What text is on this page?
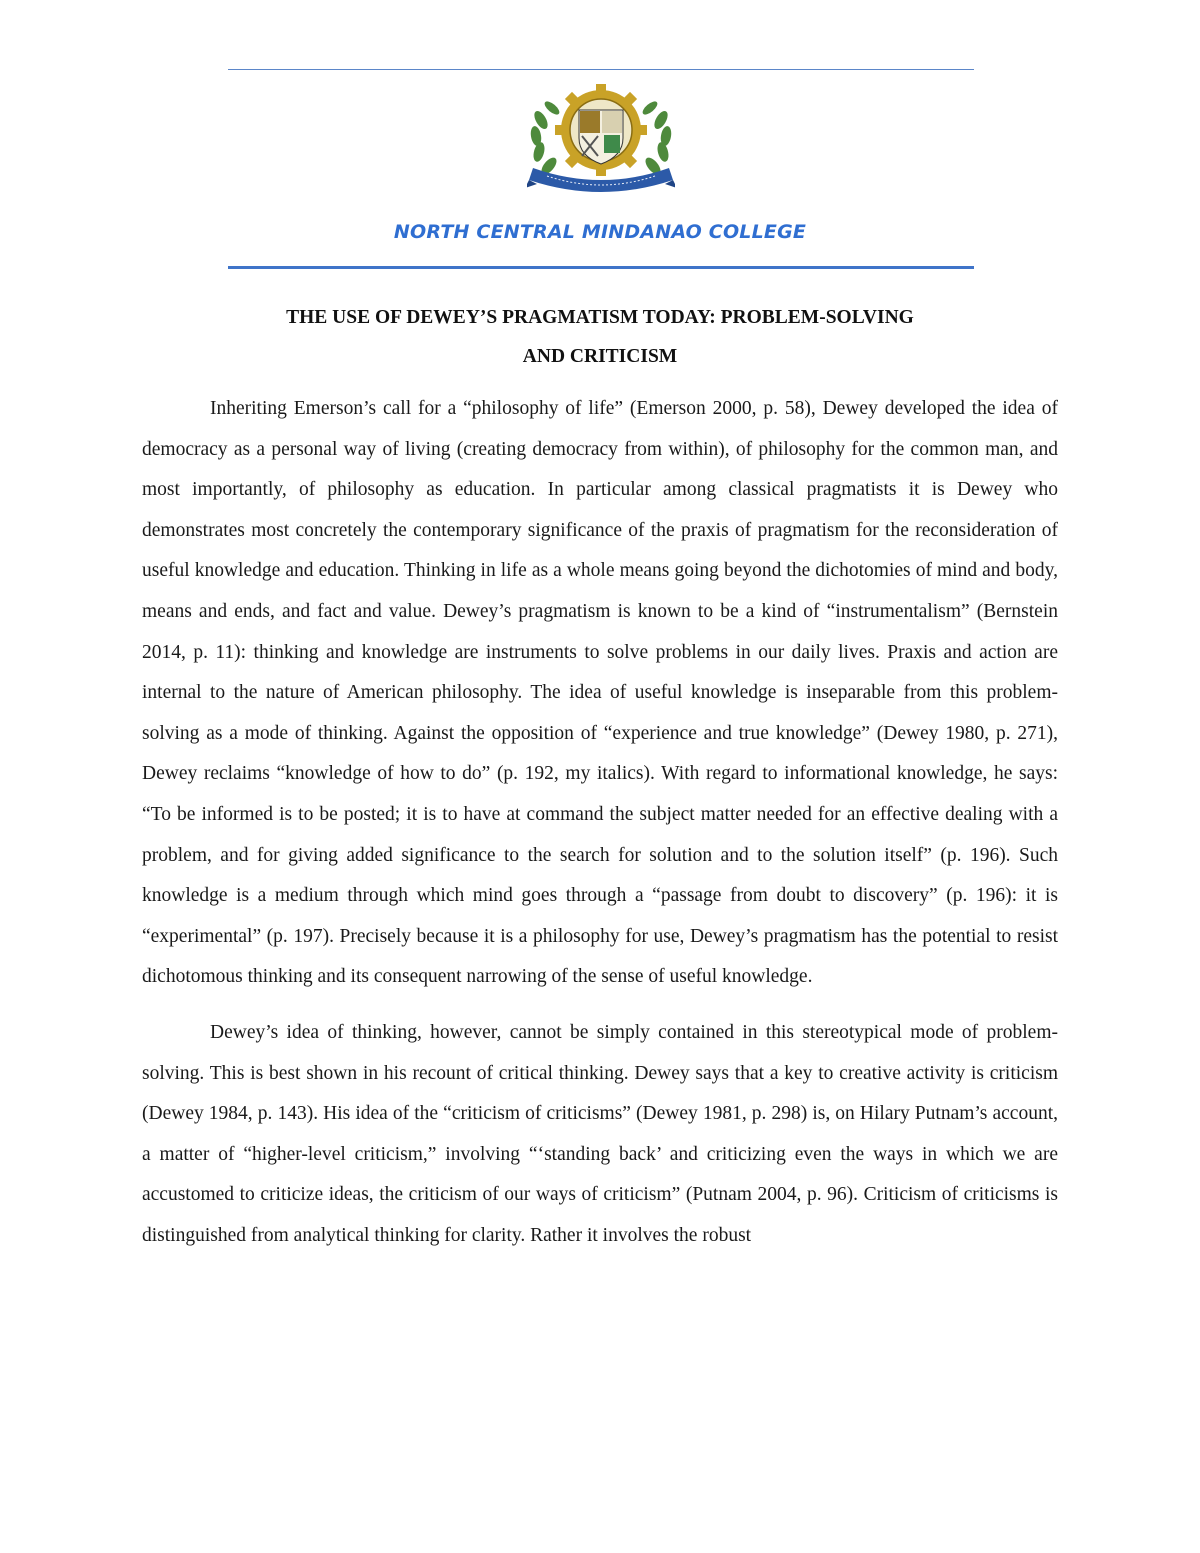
NORTH CENTRAL MINDANAO COLLEGE
THE USE OF DEWEY’S PRAGMATISM TODAY: PROBLEM-SOLVING
AND CRITICISM

Inheriting Emerson’s call for a “philosophy of life” (Emerson 2000, p. 58), Dewey developed the idea of democracy as a personal way of living (creating democracy from within), of philosophy for the common man, and most importantly, of philosophy as education. In particular among classical pragmatists it is Dewey who demonstrates most concretely the contemporary significance of the praxis of pragmatism for the reconsideration of useful knowledge and education. Thinking in life as a whole means going beyond the dichotomies of mind and body, means and ends, and fact and value. Dewey’s pragmatism is known to be a kind of “instrumentalism” (Bernstein 2014, p. 11): thinking and knowledge are instruments to solve problems in our daily lives. Praxis and action are internal to the nature of American philosophy. The idea of useful knowledge is inseparable from this problem-solving as a mode of thinking. Against the opposition of “experience and true knowledge” (Dewey 1980, p. 271), Dewey reclaims “knowledge of how to do” (p. 192, my italics). With regard to informational knowledge, he says: “To be informed is to be posted; it is to have at command the subject matter needed for an effective dealing with a problem, and for giving added significance to the search for solution and to the solution itself” (p. 196). Such knowledge is a medium through which mind goes through a “passage from doubt to discovery” (p. 196): it is “experimental” (p. 197). Precisely because it is a philosophy for use, Dewey’s pragmatism has the potential to resist dichotomous thinking and its consequent narrowing of the sense of useful knowledge.

Dewey’s idea of thinking, however, cannot be simply contained in this stereotypical mode of problem-solving. This is best shown in his recount of critical thinking. Dewey says that a key to creative activity is criticism (Dewey 1984, p. 143). His idea of the “criticism of criticisms” (Dewey 1981, p. 298) is, on Hilary Putnam’s account, a matter of “higher-level criticism,” involving “‘standing back’ and criticizing even the ways in which we are accustomed to criticize ideas, the criticism of our ways of criticism” (Putnam 2004, p. 96). Criticism of criticisms is distinguished from analytical thinking for clarity. Rather it involves the robust
